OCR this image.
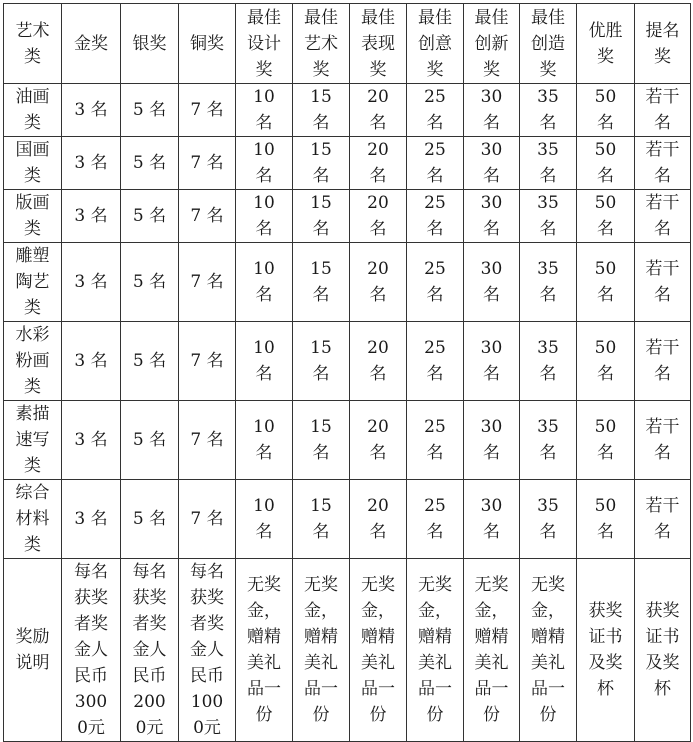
艺术类	金奖	银奖	铜奖	最佳设计奖	最佳艺术奖	最佳表现奖	最佳创意奖	最佳创新奖	最佳创造奖	优胜奖	提名奖
油画类	3 名	5 名	7 名	10 名	15 名	20 名	25 名	30 名	35 名	50 名	若干名
国画类	3 名	5 名	7 名	10 名	15 名	20 名	25 名	30 名	35 名	50 名	若干名
版画类	3 名	5 名	7 名	10 名	15 名	20 名	25 名	30 名	35 名	50 名	若干名
雕塑陶艺类	3 名	5 名	7 名	10 名	15 名	20 名	25 名	30 名	35 名	50 名	若干名
水彩粉画类	3 名	5 名	7 名	10 名	15 名	20 名	25 名	30 名	35 名	50 名	若干名
素描速写类	3 名	5 名	7 名	10 名	15 名	20 名	25 名	30 名	35 名	50 名	若干名
综合材料类	3 名	5 名	7 名	10 名	15 名	20 名	25 名	30 名	35 名	50 名	若干名
奖励说明	每名获奖者奖金人民币3000元	每名获奖者奖金人民币2000元	每名获奖者奖金人民币1000元	无奖金，赠精美礼品一份	无奖金，赠精美礼品一份	无奖金，赠精美礼品一份	无奖金，赠精美礼品一份	无奖金，赠精美礼品一份	无奖金，赠精美礼品一份	获奖证书及奖杯	获奖证书及奖杯
